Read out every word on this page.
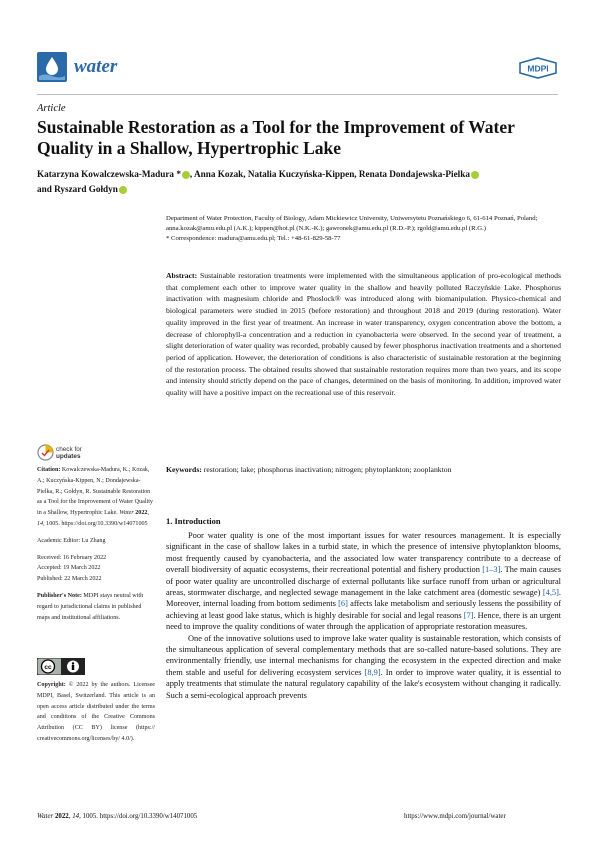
water	MDPI
Article
Sustainable Restoration as a Tool for the Improvement of Water Quality in a Shallow, Hypertrophic Lake
Katarzyna Kowalczewska-Madura * , Anna Kozak, Natalia Kuczyńska-Kippen, Renata Dondajewska-Pielka
and Ryszard Gołdyn

Department of Water Protection, Faculty of Biology, Adam Mickiewicz University, Uniwersytetu Poznańskiego 6, 61-614 Poznań, Poland; anna.kozak@amu.edu.pl (A.K.); kippen@hot.pl (N.K.-K.); gawronek@amu.edu.pl (R.D.-P.); rgold@amu.edu.pl (R.G.)

* Correspondence: madura@amu.edu.pl; Tel.: +48-61-829-58-77

Abstract: Sustainable restoration treatments were implemented with the simultaneous application of pro-ecological methods that complement each other to improve water quality in the shallow and heavily polluted Raczyńskie Lake. Phosphorus inactivation with magnesium chloride and Phoslock® was introduced along with biomanipulation. Physico-chemical and biological parameters were studied in 2015 (before restoration) and throughout 2018 and 2019 (during restoration). Water quality improved in the first year of treatment. An increase in water transparency, oxygen concentration above the bottom, a decrease of chlorophyll-a concentration and a reduction in cyanobacteria were observed. In the second year of treatment, a slight deterioration of water quality was recorded, probably caused by fewer phosphorus inactivation treatments and a shortened period of application. However, the deterioration of conditions is also characteristic of sustainable restoration at the beginning of the restoration process. The obtained results showed that sustainable restoration requires more than two years, and its scope and intensity should strictly depend on the pace of changes, determined on the basis of monitoring. In addition, improved water quality will have a positive impact on the recreational use of this reservoir.
Keywords: restoration; lake; phosphorus inactivation; nitrogen; phytoplankton; zooplankton
check for
updates

Citation: Kowalczewska-Madura, K.; Kozak, A.; Kuczyńska-Kippen, N.; Dondajewska-Pielka, R.; Gołdyn, R. Sustainable Restoration as a Tool for the Improvement of Water Quality in a Shallow, Hypertrophic Lake. Water 2022, 14, 1005. https://doi.org/10.3390/w14071005

Academic Editor: Lu Zhang

Received: 16 February 2022

Accepted: 19 March 2022

Published: 22 March 2022

Publisher's Note: MDPI stays neutral with regard to jurisdictional claims in published maps and institutional affiliations.

cc
Copyright: © 2022 by the authors. Licensee MDPI, Basel, Switzerland. This article is an open access article distributed under the terms and conditions of the Creative Commons Attribution (CC BY) license (https:// creativecommons.org/licenses/by/ 4.0/).
1. Introduction

Poor water quality is one of the most important issues for water resources management. It is especially significant in the case of shallow lakes in a turbid state, in which the presence of intensive phytoplankton blooms, most frequently caused by cyanobacteria, and the associated low water transparency contribute to a decrease of overall biodiversity of aquatic ecosystems, their recreational potential and fishery production [1–3]. The main causes of poor water quality are uncontrolled discharge of external pollutants like surface runoff from urban or agricultural areas, stormwater discharge, and neglected sewage management in the lake catchment area (domestic sewage) [4,5]. Moreover, internal loading from bottom sediments [6] affects lake metabolism and seriously lessens the possibility of achieving at least good lake status, which is highly desirable for social and legal reasons [7]. Hence, there is an urgent need to improve the quality conditions of water through the application of appropriate restoration measures.

One of the innovative solutions used to improve lake water quality is sustainable restoration, which consists of the simultaneous application of several complementary methods that are so-called nature-based solutions. They are environmentally friendly, use internal mechanisms for changing the ecosystem in the expected direction and make them stable and useful for delivering ecosystem services [8,9]. In order to improve water quality, it is essential to apply treatments that stimulate the natural regulatory capability of the lake's ecosystem without changing it radically. Such a semi-ecological approach prevents

Water 2022, 14, 1005. https://doi.org/10.3390/w14071005	https://www.mdpi.com/journal/water
